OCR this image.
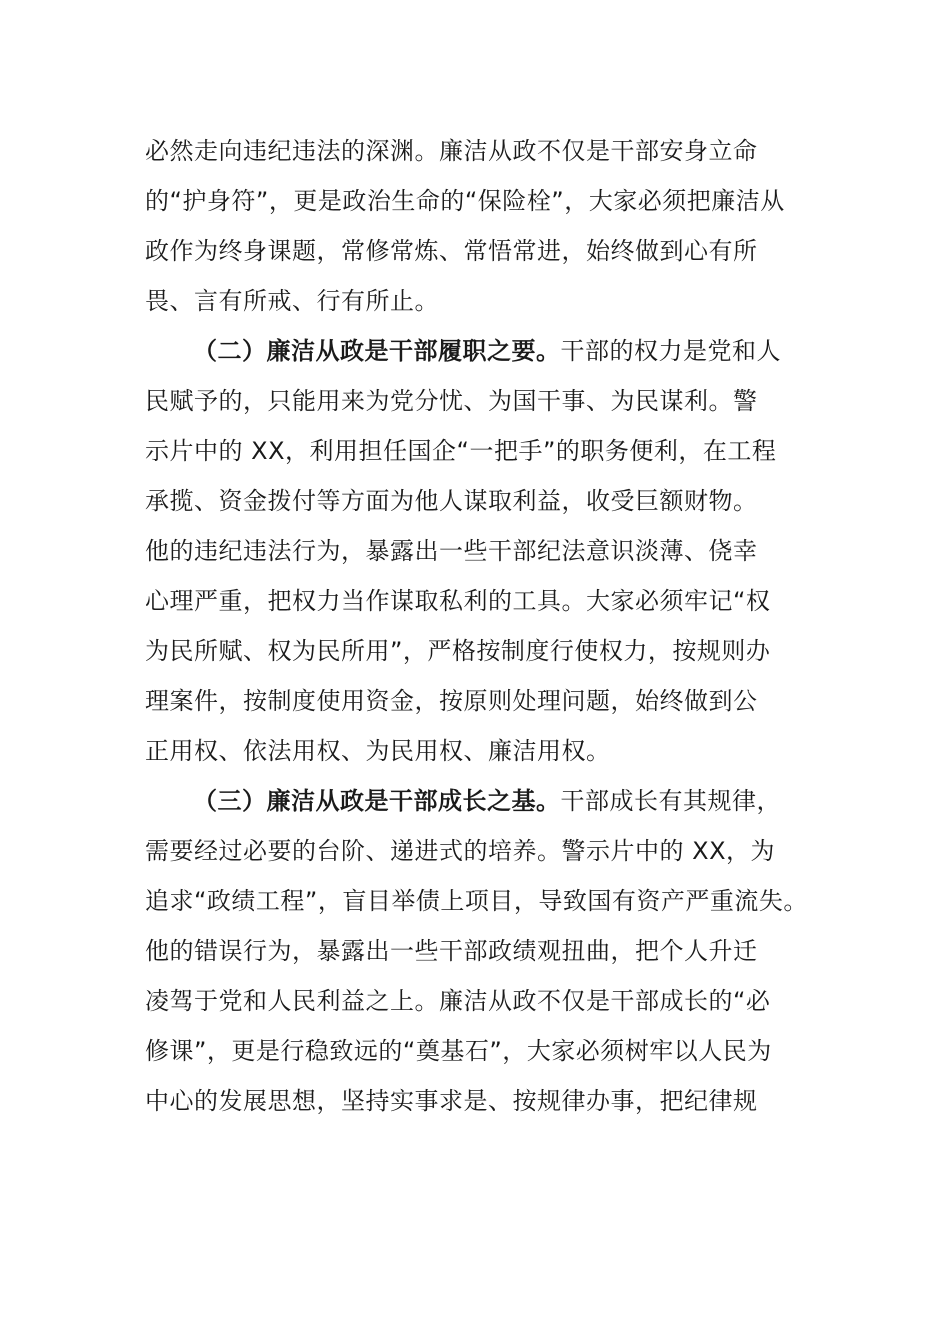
必然走向违纪违法的深渊。廉洁从政不仅是干部安身立命
的“护身符”，更是政治生命的“保险栓”，大家必须把廉洁从
政作为终身课题，常修常炼、常悟常进，始终做到心有所
畏、言有所戒、行有所止。
（二）廉洁从政是干部履职之要。干部的权力是党和人
民赋予的，只能用来为党分忧、为国干事、为民谋利。警
示片中的 XX，利用担任国企“一把手”的职务便利，在工程
承揽、资金拨付等方面为他人谋取利益，收受巨额财物。
他的违纪违法行为，暴露出一些干部纪法意识淡薄、侥幸
心理严重，把权力当作谋取私利的工具。大家必须牢记“权
为民所赋、权为民所用”，严格按制度行使权力，按规则办
理案件，按制度使用资金，按原则处理问题，始终做到公
正用权、依法用权、为民用权、廉洁用权。
（三）廉洁从政是干部成长之基。干部成长有其规律，
需要经过必要的台阶、递进式的培养。警示片中的 XX，为
追求“政绩工程”，盲目举债上项目，导致国有资产严重流失。
他的错误行为，暴露出一些干部政绩观扭曲，把个人升迁
凌驾于党和人民利益之上。廉洁从政不仅是干部成长的“必
修课”，更是行稳致远的“奠基石”，大家必须树牢以人民为
中心的发展思想，坚持实事求是、按规律办事，把纪律规
